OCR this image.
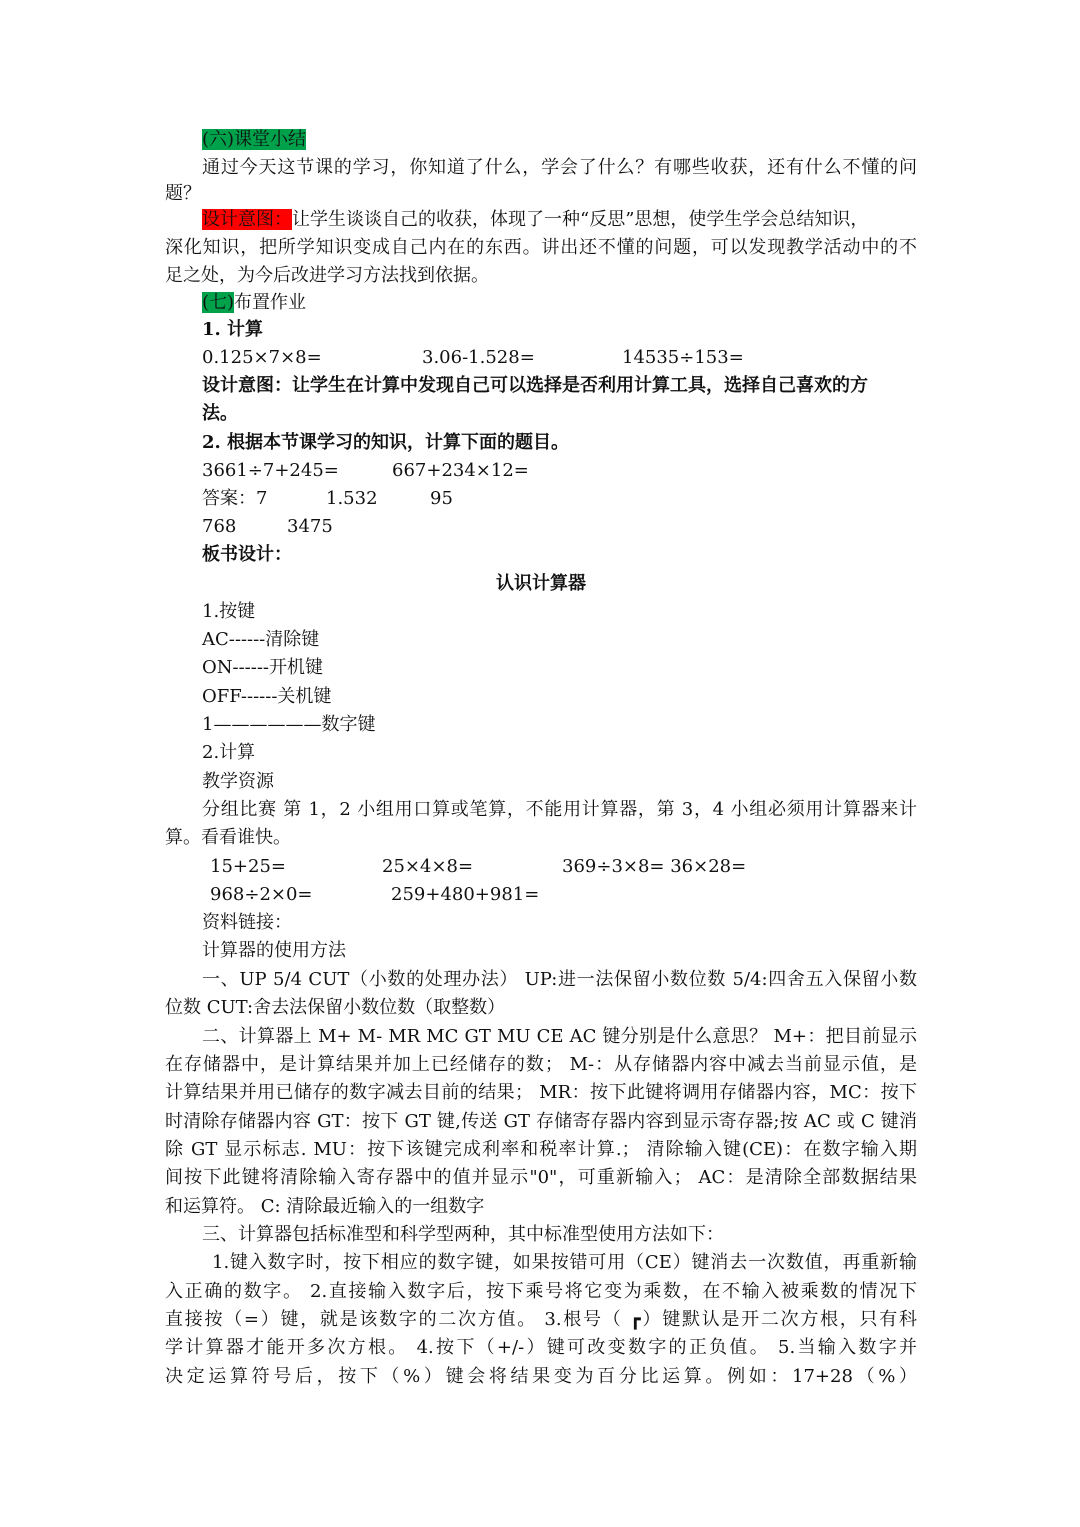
(六)课堂小结
通过今天这节课的学习，你知道了什么，学会了什么？有哪些收获，还有什么不懂的问
题？
设计意图：让学生谈谈自己的收获，体现了一种“反思”思想，使学生学会总结知识，
深化知识，把所学知识变成自己内在的东西。讲出还不懂的问题，可以发现教学活动中的不
足之处，为今后改进学习方法找到依据。
(七)布置作业
1. 计算
0.125×7×8=	3.06-1.528=	14535÷153=
设计意图：让学生在计算中发现自己可以选择是否利用计算工具，选择自己喜欢的方
法。
2. 根据本节课学习的知识，计算下面的题目。
3661÷7+245=	667+234×12=
答案：7	1.532	95
768	3475
板书设计：
认识计算器
1.按键
AC------清除键
ON------开机键
OFF------关机键
1——————数字键
2.计算
教学资源
分组比赛 第 1，2 小组用口算或笔算，不能用计算器，第 3，4 小组必须用计算器来计
算。看看谁快。
15+25=	25×4×8=	369÷3×8= 36×28=
968÷2×0=	259+480+981=
资料链接：
计算器的使用方法
一、UP 5/4 CUT（小数的处理办法） UP:进一法保留小数位数 5/4:四舍五入保留小数
位数 CUT:舍去法保留小数位数（取整数）
二、计算器上 M+ M- MR MC GT MU CE AC 键分别是什么意思？ M+：把目前显示
在存储器中，是计算结果并加上已经储存的数； M-：从存储器内容中减去当前显示值，是
计算结果并用已储存的数字减去目前的结果； MR：按下此键将调用存储器内容，MC：按下
时清除存储器内容 GT：按下 GT 键,传送 GT 存储寄存器内容到显示寄存器;按 AC 或 C 键消
除 GT 显示标志. MU：按下该键完成利率和税率计算.； 清除输入键(CE)：在数字输入期
间按下此键将清除输入寄存器中的值并显示"0"，可重新输入； AC：是清除全部数据结果
和运算符。 C: 清除最近输入的一组数字
三、计算器包括标准型和科学型两种，其中标准型使用方法如下：
1.键入数字时，按下相应的数字键，如果按错可用（CE）键消去一次数值，再重新输
入正确的数字。 2.直接输入数字后，按下乘号将它变为乘数，在不输入被乘数的情况下
直接按（=）键，就是该数字的二次方值。 3.根号（ ┏）键默认是开二次方根，只有科
学计算器才能开多次方根。 4.按下（+/-）键可改变数字的正负值。 5.当输入数字并
决定运算符号后，按下（%）键会将结果变为百分比运算。例如：17+28（%）
